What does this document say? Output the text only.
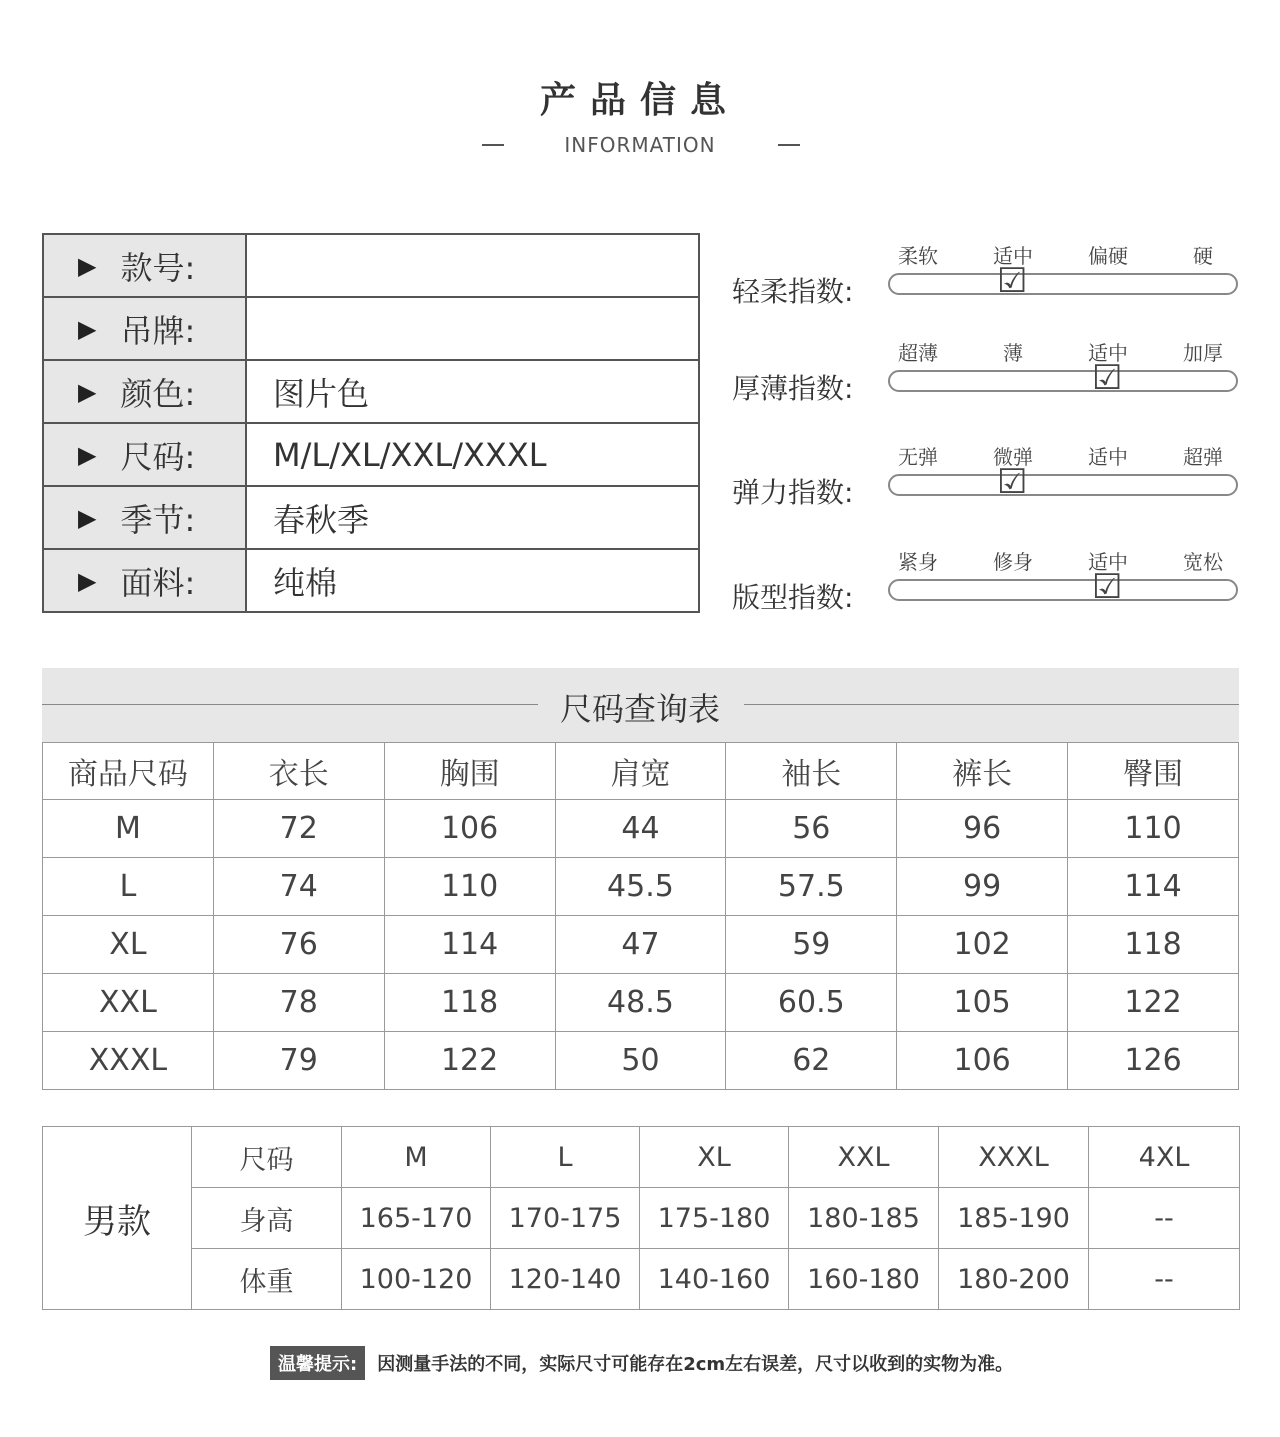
产品信息
INFORMATION
▶ 款号:	

▶ 吊牌:	

▶ 颜色:	图片色

▶ 尺码:	M/L/XL/XXL/XXXL

▶ 季节:	春秋季

▶ 面料:	纯棉
轻柔指数:
柔软	适中	偏硬	硬
☑
厚薄指数:
超薄	薄	适中	加厚
☑
弹力指数:
无弹	微弹	适中	超弹
☑
版型指数:
紧身	修身	适中	宽松
☑
尺码查询表
商品尺码	衣长	胸围	肩宽	袖长	裤长	臀围
M	72	106	44	56	96	110
L	74	110	45.5	57.5	99	114
XL	76	114	47	59	102	118
XXL	78	118	48.5	60.5	105	122
XXXL	79	122	50	62	106	126
男款	尺码	M	L	XL	XXL	XXXL	4XL
	身高	165-170	170-175	175-180	180-185	185-190	--
	体重	100-120	120-140	140-160	160-180	180-200	--
温馨提示:	因测量手法的不同，实际尺寸可能存在2cm左右误差，尺寸以收到的实物为准。
